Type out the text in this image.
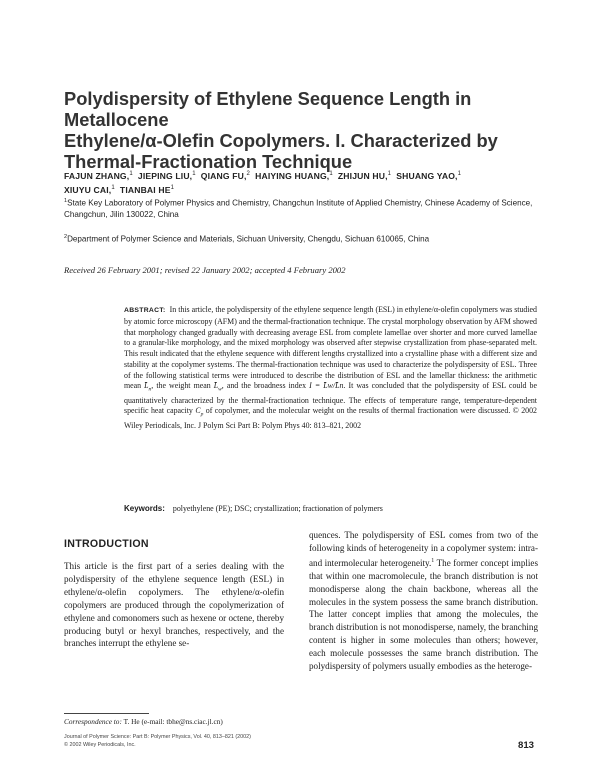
Polydispersity of Ethylene Sequence Length in Metallocene
Ethylene/α-Olefin Copolymers. I. Characterized by
Thermal-Fractionation Technique
FAJUN ZHANG,$^1$ JIEPING LIU,$^1$ QIANG FU,$^2$ HAIYING HUANG,$^1$ ZHIJUN HU,$^1$ SHUANG YAO,$^1$
XIUYU CAI,$^1$ TIANBAI $HE^1$
$^1$State Key Laboratory of Polymer Physics and Chemistry, Changchun Institute of Applied Chemistry, Chinese Academy of Science, Changchun, Jilin 130022, China
$^2$Department of Polymer Science and Materials, Sichuan University, Chengdu, Sichuan 610065, China
Received 26 February 2001; revised 22 January 2002; accepted 4 February 2002
ABSTRACT: In this article, the polydispersity of the ethylene sequence length (ESL) in ethylene/α-olefin copolymers was studied by atomic force microscopy (AFM) and the thermal-fractionation technique. The crystal morphology observation by AFM showed that morphology changed gradually with decreasing average ESL from complete lamellae over shorter and more curved lamellae to a granular-like morphology, and the mixed morphology was observed after stepwise crystallization from phase-separated melt. This result indicated that the ethylene sequence with different lengths crystallized into a crystalline phase with a different size and stability at the copolymer systems. The thermal-fractionation technique was used to characterize the polydispersity of ESL. Three of the following statistical terms were introduced to describe the distribution of ESL and the lamellar thickness: the arithmetic mean $L̄_n$, the weight mean $L̄_w$, and the broadness index I = L̄w/L̄n. It was concluded that the polydispersity of ESL could be quantitatively characterized by the thermal-fractionation technique. The effects of temperature range, temperature-dependent specific heat capacity $C_p$ of copolymer, and the molecular weight on the results of thermal fractionation were discussed. © 2002 Wiley Periodicals, Inc. J Polym Sci Part B: Polym Phys 40: 813–821, 2002
Keywords: polyethylene (PE); DSC; crystallization; fractionation of polymers
INTRODUCTION
This article is the first part of a series dealing with the polydispersity of the ethylene sequence length (ESL) in ethylene/α-olefin copolymers. The ethylene/α-olefin copolymers are produced through the copolymerization of ethylene and comonomers such as hexene or octene, thereby producing butyl or hexyl branches, respectively, and the branches interrupt the ethylene se-
quences. The polydispersity of ESL comes from two of the following kinds of heterogeneity in a copolymer system: intra- and intermolecular heterogeneity.$^1$ The former concept implies that within one macromolecule, the branch distribution is not monodisperse along the chain backbone, whereas all the molecules in the system possess the same branch distribution. The latter concept implies that among the molecules, the branch distribution is not monodisperse, namely, the branching content is higher in some molecules than others; however, each molecule possesses the same branch distribution. The polydispersity of polymers usually embodies as the heteroge-
Correspondence to: T. He (e-mail: tbhe@ns.ciac.jl.cn)
Journal of Polymer Science: Part B: Polymer Physics, Vol. 40, 813–821 (2002)
© 2002 Wiley Periodicals, Inc.	813
